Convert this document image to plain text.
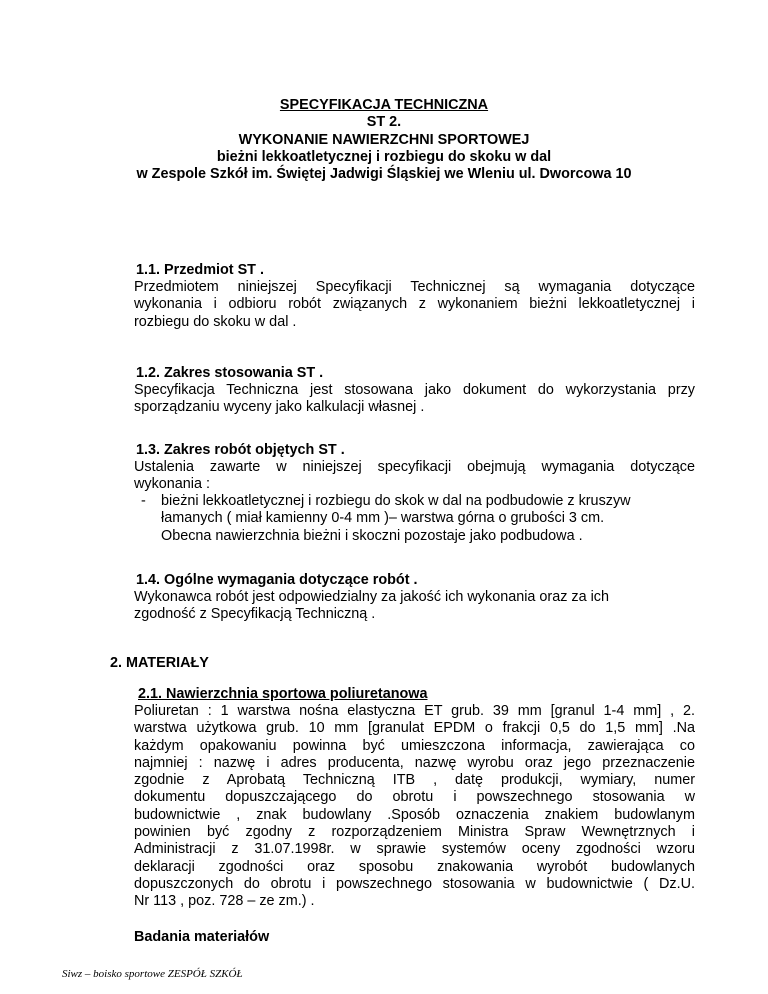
SPECYFIKACJA TECHNICZNA
ST 2.
WYKONANIE NAWIERZCHNI SPORTOWEJ
bieżni lekkoatletycznej i rozbiegu do skoku w dal
w Zespole Szkół im. Świętej Jadwigi Śląskiej we Wleniu ul. Dworcowa 10
1.1. Przedmiot ST .
Przedmiotem niniejszej Specyfikacji Technicznej są wymagania dotyczące
wykonania i odbioru robót związanych z wykonaniem bieżni lekkoatletycznej i
rozbiegu do skoku w dal .
1.2. Zakres stosowania ST .
Specyfikacja Techniczna jest stosowana jako dokument do wykorzystania przy
sporządzaniu wyceny jako kalkulacji własnej .
1.3. Zakres robót objętych ST .
Ustalenia zawarte w niniejszej specyfikacji obejmują wymagania dotyczące
wykonania :
- bieżni lekkoatletycznej i rozbiegu do skok w dal na podbudowie z kruszyw
łamanych ( miał kamienny 0-4 mm )– warstwa górna o grubości 3 cm.
Obecna nawierzchnia bieżni i skoczni pozostaje jako podbudowa .
1.4. Ogólne wymagania dotyczące robót .
Wykonawca robót jest odpowiedzialny za jakość ich wykonania oraz za ich
zgodność z Specyfikacją Techniczną .
2. MATERIAŁY
2.1. Nawierzchnia sportowa poliuretanowa
Poliuretan : 1 warstwa nośna elastyczna ET grub. 39 mm [granul 1-4 mm] , 2.
warstwa użytkowa grub. 10 mm [granulat EPDM o frakcji 0,5 do 1,5 mm] .Na
każdym opakowaniu powinna być umieszczona informacja, zawierająca co
najmniej : nazwę i adres producenta, nazwę wyrobu oraz jego przeznaczenie
zgodnie z Aprobatą Techniczną ITB , datę produkcji, wymiary, numer
dokumentu dopuszczającego do obrotu i powszechnego stosowania w
budownictwie , znak budowlany .Sposób oznaczenia znakiem budowlanym
powinien być zgodny z rozporządzeniem Ministra Spraw Wewnętrznych i
Administracji z 31.07.1998r. w sprawie systemów oceny zgodności wzoru
deklaracji zgodności oraz sposobu znakowania wyrobót budowlanych
dopuszczonych do obrotu i powszechnego stosowania w budownictwie ( Dz.U.
Nr 113 , poz. 728 – ze zm.) .
Badania materiałów
Siwz – boisko sportowe ZESPÓŁ SZKÓŁ
